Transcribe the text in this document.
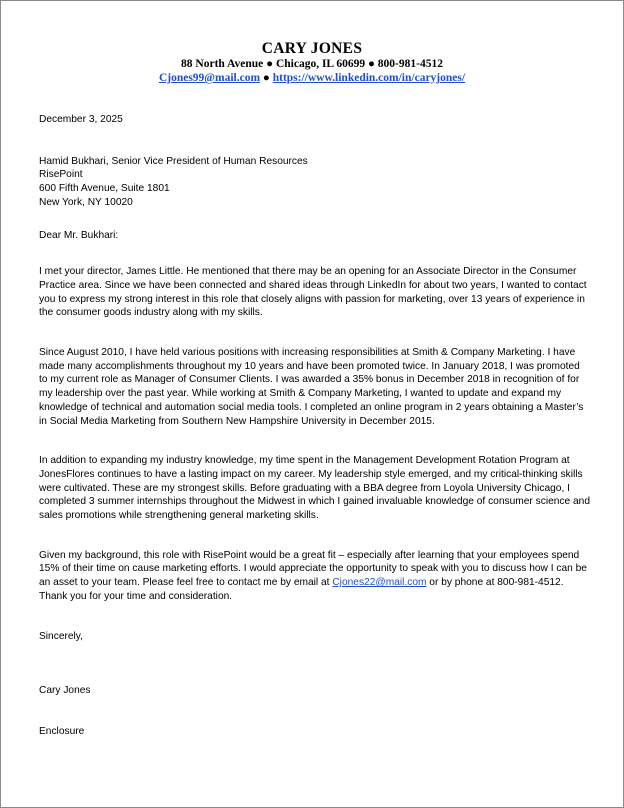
CARY JONES
88 North Avenue ● Chicago, IL 60699 ● 800-981-4512
Cjones99@mail.com ● https://www.linkedin.com/in/caryjones/

December 3, 2025

Hamid Bukhari, Senior Vice President of Human Resources

RisePoint

600 Fifth Avenue, Suite 1801

New York, NY 10020

Dear Mr. Bukhari:

I met your director, James Little. He mentioned that there may be an opening for an Associate Director in the Consumer Practice area. Since we have been connected and shared ideas through LinkedIn for about two years, I wanted to contact you to express my strong interest in this role that closely aligns with passion for marketing, over 13 years of experience in the consumer goods industry along with my skills.

Since August 2010, I have held various positions with increasing responsibilities at Smith & Company Marketing. I have made many accomplishments throughout my 10 years and have been promoted twice. In January 2018, I was promoted to my current role as Manager of Consumer Clients. I was awarded a 35% bonus in December 2018 in recognition of for my leadership over the past year. While working at Smith & Company Marketing, I wanted to update and expand my knowledge of technical and automation social media tools. I completed an online program in 2 years obtaining a Master’s in Social Media Marketing from Southern New Hampshire University in December 2015.

In addition to expanding my industry knowledge, my time spent in the Management Development Rotation Program at JonesFlores continues to have a lasting impact on my career. My leadership style emerged, and my critical-thinking skills were cultivated. These are my strongest skills. Before graduating with a BBA degree from Loyola University Chicago, I completed 3 summer internships throughout the Midwest in which I gained invaluable knowledge of consumer science and sales promotions while strengthening general marketing skills.

Given my background, this role with RisePoint would be a great fit – especially after learning that your employees spend 15% of their time on cause marketing efforts. I would appreciate the opportunity to speak with you to discuss how I can be an asset to your team. Please feel free to contact me by email at Cjones22@mail.com or by phone at 800-981-4512. Thank you for your time and consideration.

Sincerely,

Cary Jones

Enclosure
